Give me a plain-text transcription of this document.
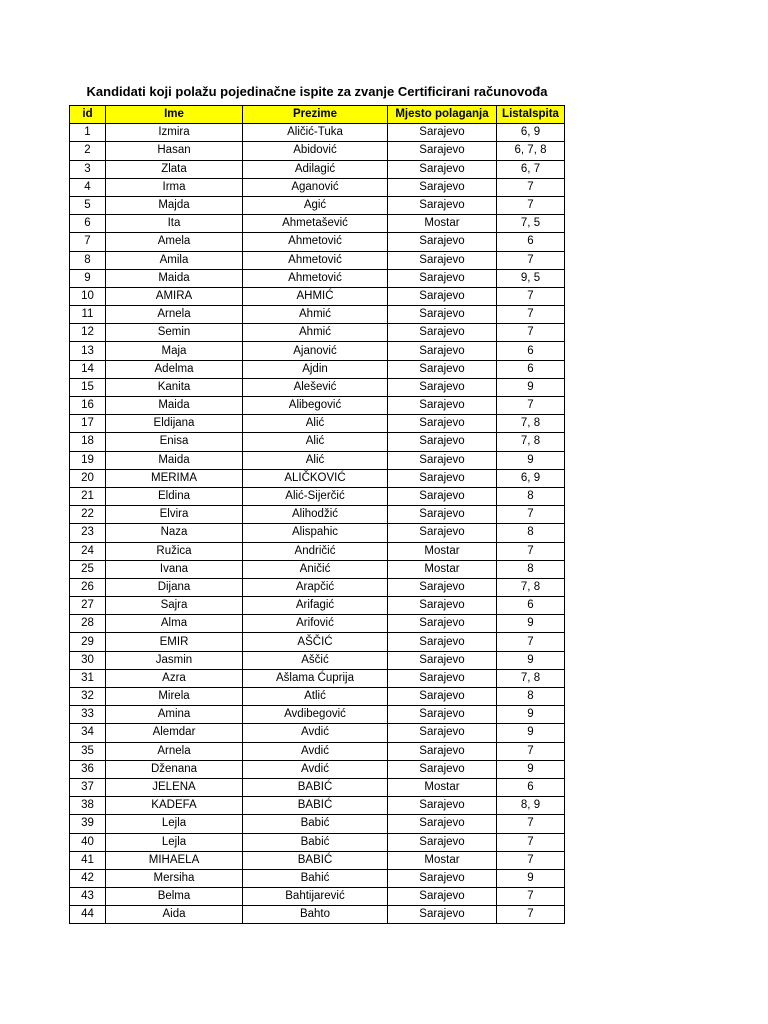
Kandidati koji polažu pojedinačne ispite za zvanje Certificirani računovođa
id	Ime	Prezime	Mjesto polaganja	ListaIspita
1	Izmira	Aličić-Tuka	Sarajevo	6, 9
2	Hasan	Abidović	Sarajevo	6, 7, 8
3	Zlata	Adilagić	Sarajevo	6, 7
4	Irma	Aganović	Sarajevo	7
5	Majda	Agić	Sarajevo	7
6	Ita	Ahmetašević	Mostar	7, 5
7	Amela	Ahmetović	Sarajevo	6
8	Amila	Ahmetović	Sarajevo	7
9	Maida	Ahmetović	Sarajevo	9, 5
10	AMIRA	AHMIĆ	Sarajevo	7
11	Arnela	Ahmić	Sarajevo	7
12	Semin	Ahmić	Sarajevo	7
13	Maja	Ajanović	Sarajevo	6
14	Adelma	Ajdin	Sarajevo	6
15	Kanita	Alešević	Sarajevo	9
16	Maida	Alibegović	Sarajevo	7
17	Eldijana	Alić	Sarajevo	7, 8
18	Enisa	Alić	Sarajevo	7, 8
19	Maida	Alić	Sarajevo	9
20	MERIMA	ALIČKOVIĆ	Sarajevo	6, 9
21	Eldina	Alić-Sijerčić	Sarajevo	8
22	Elvira	Alihodžić	Sarajevo	7
23	Naza	Alispahic	Sarajevo	8
24	Ružica	Andričić	Mostar	7
25	Ivana	Aničić	Mostar	8
26	Dijana	Arapčić	Sarajevo	7, 8
27	Sajra	Arifagić	Sarajevo	6
28	Alma	Arifović	Sarajevo	9
29	EMIR	AŠČIĆ	Sarajevo	7
30	Jasmin	Aščić	Sarajevo	9
31	Azra	Ašlama Ćuprija	Sarajevo	7, 8
32	Mirela	Atlić	Sarajevo	8
33	Amina	Avdibegović	Sarajevo	9
34	Alemdar	Avdić	Sarajevo	9
35	Arnela	Avdić	Sarajevo	7
36	Dženana	Avdić	Sarajevo	9
37	JELENA	BABIĆ	Mostar	6
38	KADEFA	BABIĆ	Sarajevo	8, 9
39	Lejla	Babić	Sarajevo	7
40	Lejla	Babić	Sarajevo	7
41	MIHAELA	BABIĆ	Mostar	7
42	Mersiha	Bahić	Sarajevo	9
43	Belma	Bahtijarević	Sarajevo	7
44	Aida	Bahto	Sarajevo	7
